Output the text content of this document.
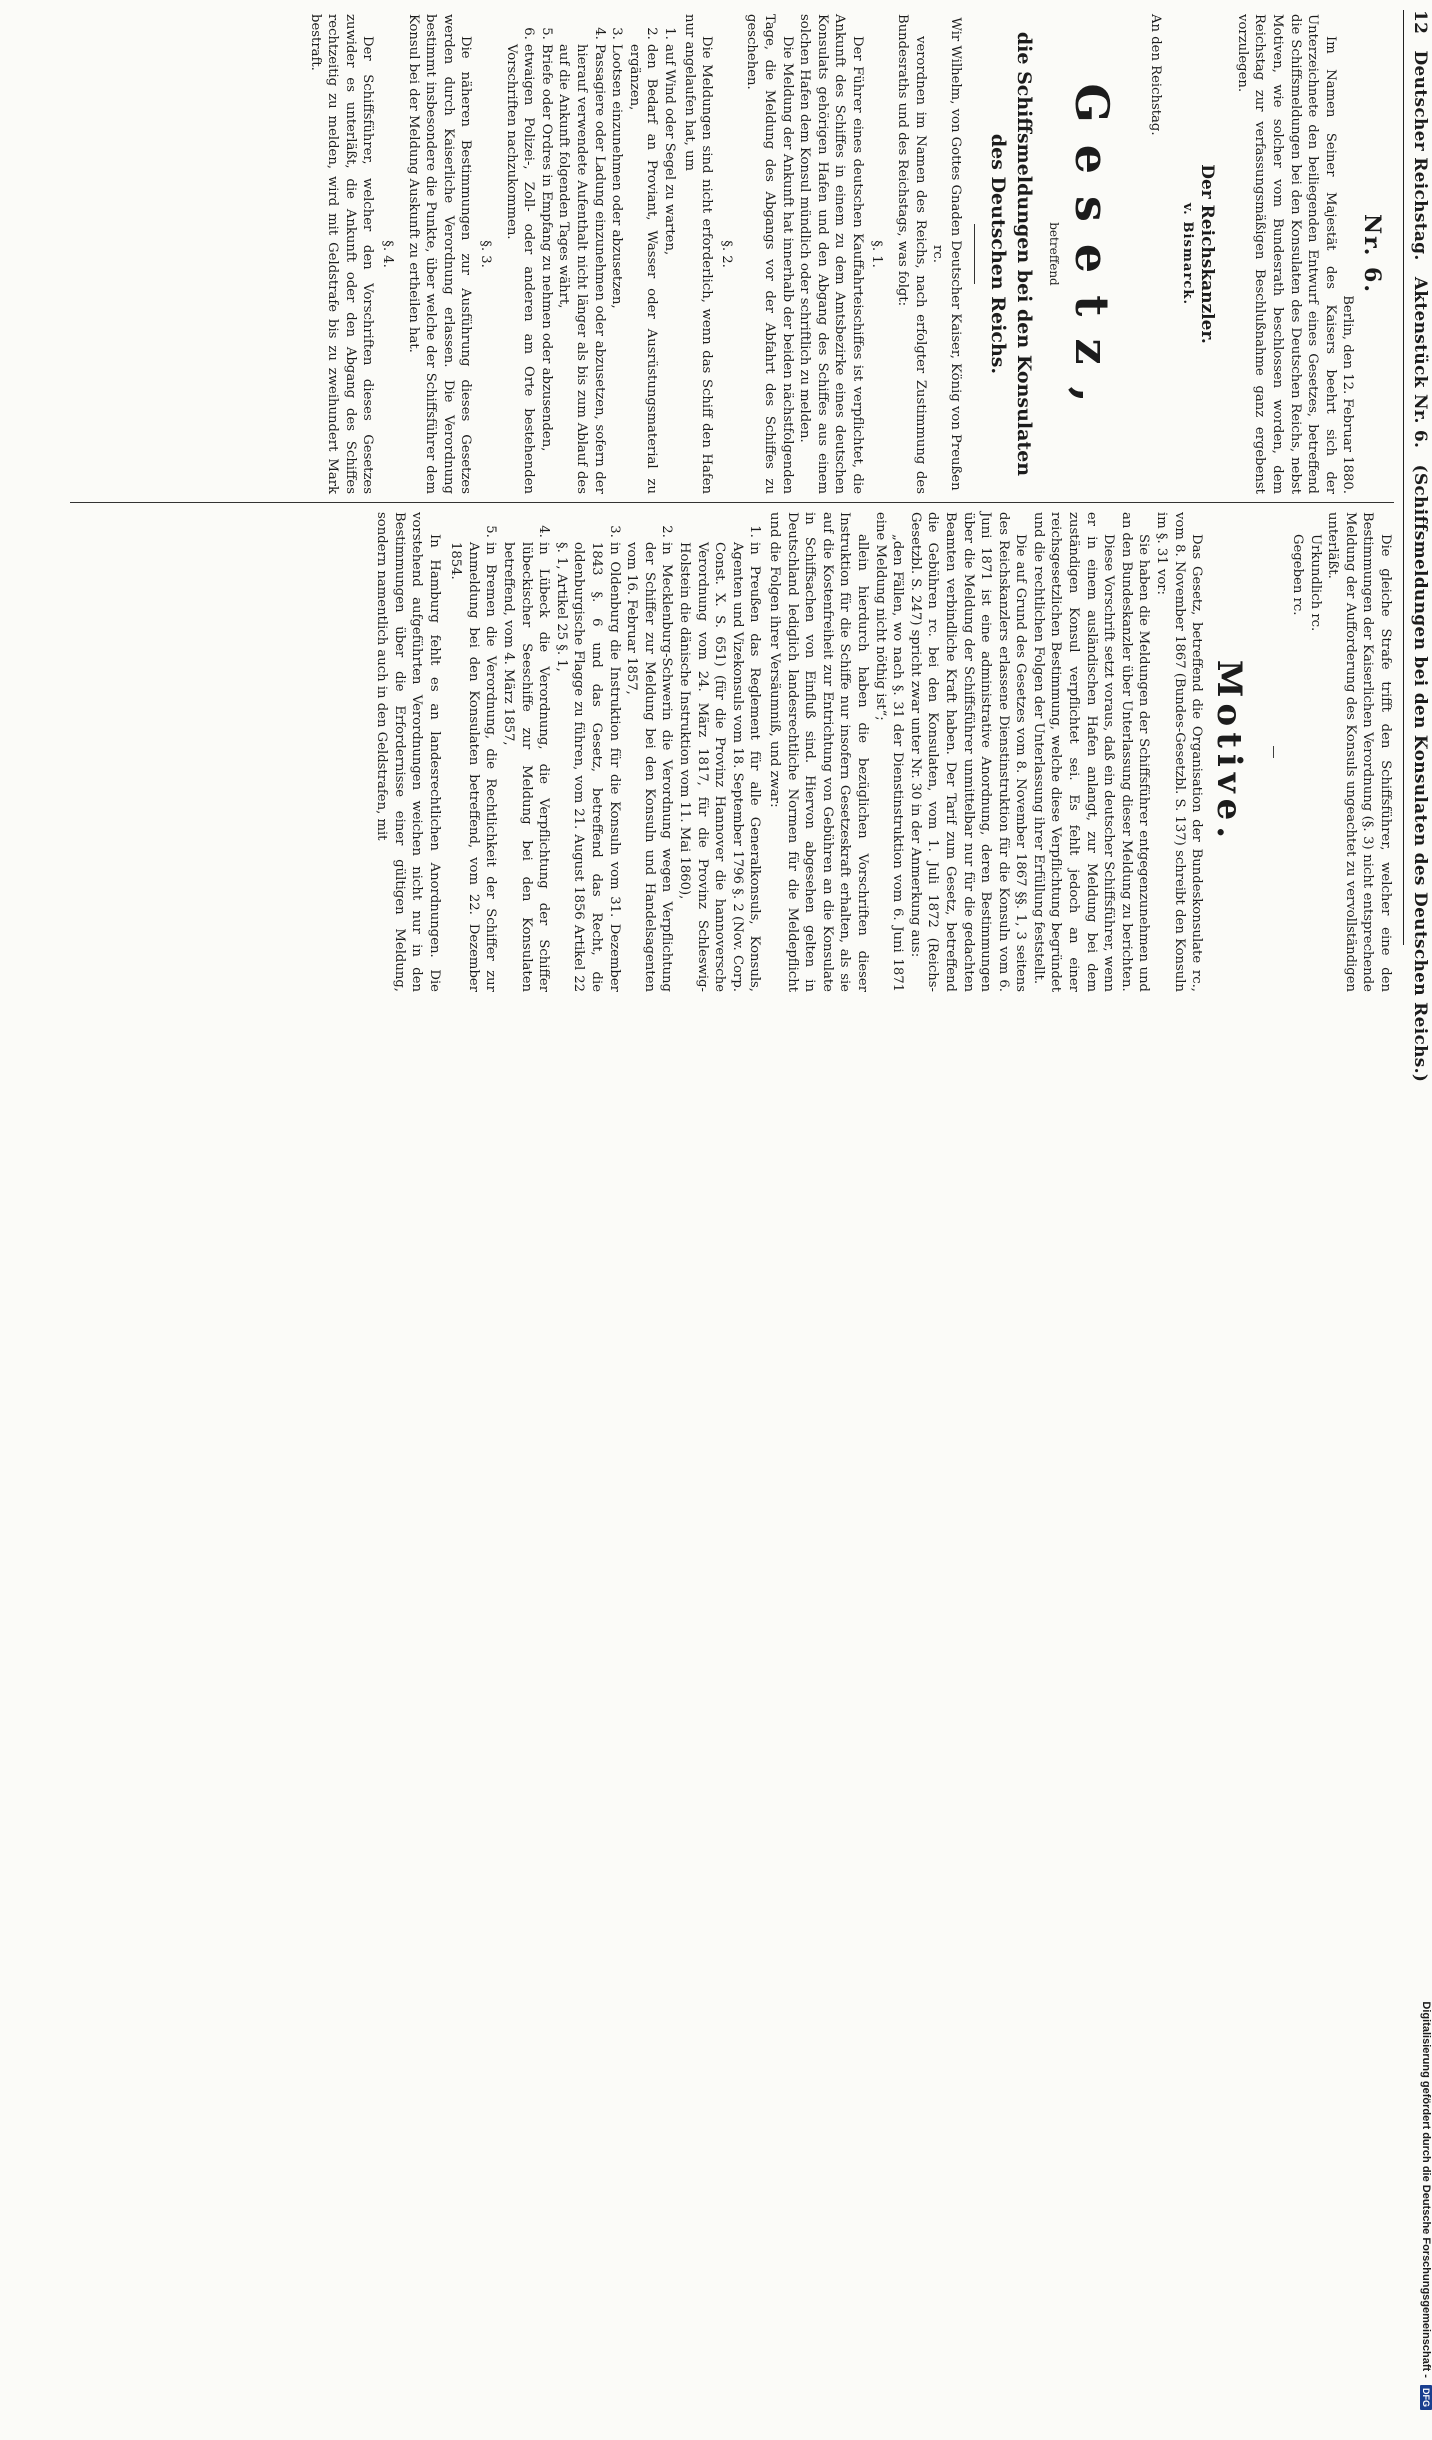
12 Deutscher Reichstag. Aktenstück Nr. 6. (Schiffsmeldungen bei den Konsulaten des Deutschen Reichs.)
Nr. 6.

Berlin, den 12. Februar 1880.

Im Namen Seiner Majestät des Kaisers beehrt sich der Unterzeichnete den beiliegenden Entwurf eines Gesetzes, betreffend die Schiffsmeldungen bei den Konsulaten des Deutschen Reichs, nebst Motiven, wie solcher vom Bundesrath beschlossen worden, dem Reichstag zur verfassungsmäßigen Beschlußnahme ganz ergebenst vorzulegen.

Der Reichskanzler.
v. Bismarck.

An den Reichstag.

Gesetz,
betreffend
die Schiffsmeldungen bei den Konsulaten des Deutschen Reichs.

Wir Wilhelm, von Gottes Gnaden Deutscher Kaiser, König von Preußen rc.

verordnen im Namen des Reichs, nach erfolgter Zustimmung des Bundesraths und des Reichstags, was folgt:

§. 1.

Der Führer eines deutschen Kauffahrteischiffes ist verpflichtet, die Ankunft des Schiffes in einem zu dem Amtsbezirke eines deutschen Konsulats gehörigen Hafen und den Abgang des Schiffes aus einem solchen Hafen dem Konsul mündlich oder schriftlich zu melden.

Die Meldung der Ankunft hat innerhalb der beiden nächstfolgenden Tage, die Meldung des Abgangs vor der Abfahrt des Schiffes zu geschehen.

§. 2.

Die Meldungen sind nicht erforderlich, wenn das Schiff den Hafen nur angelaufen hat, um

1. auf Wind oder Segel zu warten,
2. den Bedarf an Proviant, Wasser oder Ausrüstungsmaterial zu ergänzen,
3. Lootsen einzunehmen oder abzusetzen,
4. Passagiere oder Ladung einzunehmen oder abzusetzen, sofern der hierauf verwendete Aufenthalt nicht länger als bis zum Ablauf des auf die Ankunft folgenden Tages währt,
5. Briefe oder Ordres in Empfang zu nehmen oder abzusenden,
6. etwaigen Polizei-, Zoll- oder anderen am Orte bestehenden Vorschriften nachzukommen.
§. 3.

Die näheren Bestimmungen zur Ausführung dieses Gesetzes werden durch Kaiserliche Verordnung erlassen. Die Verordnung bestimmt insbesondere die Punkte, über welche der Schiffsführer dem Konsul bei der Meldung Auskunft zu ertheilen hat.

§. 4.

Der Schiffsführer, welcher den Vorschriften dieses Gesetzes zuwider es unterläßt, die Ankunft oder den Abgang des Schiffes rechtzeitig zu melden, wird mit Geldstrafe bis zu zweihundert Mark bestraft.

Die gleiche Strafe trifft den Schiffsführer, welcher eine den Bestimmungen der Kaiserlichen Verordnung (§. 3) nicht entsprechende Meldung der Aufforderung des Konsuls ungeachtet zu vervollständigen unterläßt.

Urkundlich rc.

Gegeben rc.

—
Motive.

Das Gesetz, betreffend die Organisation der Bundeskonsulate rc., vom 8. November 1867 (Bundes-Gesetzbl. S. 137) schreibt den Konsuln im §. 31 vor:

Sie haben die Meldungen der Schiffsführer entgegenzunehmen und an den Bundeskanzler über Unterlassung dieser Meldung zu berichten.

Diese Vorschrift setzt voraus, daß ein deutscher Schiffsführer, wenn er in einem ausländischen Hafen anlangt, zur Meldung bei dem zuständigen Konsul verpflichtet sei. Es fehlt jedoch an einer reichsgesetzlichen Bestimmung, welche diese Verpflichtung begründet und die rechtlichen Folgen der Unterlassung ihrer Erfüllung feststellt.

Die auf Grund des Gesetzes vom 8. November 1867 §§. 1, 3 seitens des Reichskanzlers erlassene Dienstinstruktion für die Konsuln vom 6. Juni 1871 ist eine administrative Anordnung, deren Bestimmungen über die Meldung der Schiffsführer unmittelbar nur für die gedachten Beamten verbindliche Kraft haben. Der Tarif zum Gesetz, betreffend die Gebühren rc. bei den Konsulaten, vom 1. Juli 1872 (Reichs-Gesetzbl. S. 247) spricht zwar unter Nr. 30 in der Anmerkung aus:

„den Fällen, wo nach §. 31 der Dienstinstruktion vom 6. Juni 1871 eine Meldung nicht nöthig ist“;

allein hierdurch haben die bezüglichen Vorschriften dieser Instruktion für die Schiffe nur insofern Gesetzeskraft erhalten, als sie auf die Kostenfreiheit zur Entrichtung von Gebühren an die Konsulate in Schiffsachen von Einfluß sind. Hiervon abgesehen gelten in Deutschland lediglich landesrechtliche Normen für die Meldepflicht und die Folgen ihrer Versäumniß, und zwar:

1. in Preußen das Reglement für alle Generalkonsuls, Konsuls, Agenten und Vizekonsuls vom 18. September 1796 §. 2 (Nov. Corp. Const. X. S. 651) (für die Provinz Hannover die hannoversche Verordnung vom 24. März 1817, für die Provinz Schleswig-Holstein die dänische Instruktion vom 11. Mai 1860),
2. in Mecklenburg-Schwerin die Verordnung wegen Verpflichtung der Schiffer zur Meldung bei den Konsuln und Handelsagenten vom 16. Februar 1857,
3. in Oldenburg die Instruktion für die Konsuln vom 31. Dezember 1843 §. 6 und das Gesetz, betreffend das Recht, die oldenburgische Flagge zu führen, vom 21. August 1856 Artikel 22 §. 1, Artikel 25 §. 1,
4. in Lübeck die Verordnung, die Verpflichtung der Schiffer lübeckischer Seeschiffe zur Meldung bei den Konsulaten betreffend, vom 4. März 1857,
5. in Bremen die Verordnung, die Rechtlichkeit der Schiffer zur Anmeldung bei den Konsulaten betreffend, vom 22. Dezember 1854.

In Hamburg fehlt es an landesrechtlichen Anordnungen. Die vorstehend aufgeführten Verordnungen weichen nicht nur in den Bestimmungen über die Erfordernisse einer gültigen Meldung, sondern namentlich auch in den Geldstrafen, mit

Digitalisierung gefördert durch die Deutsche Forschungsgemeinschaft - DFG
